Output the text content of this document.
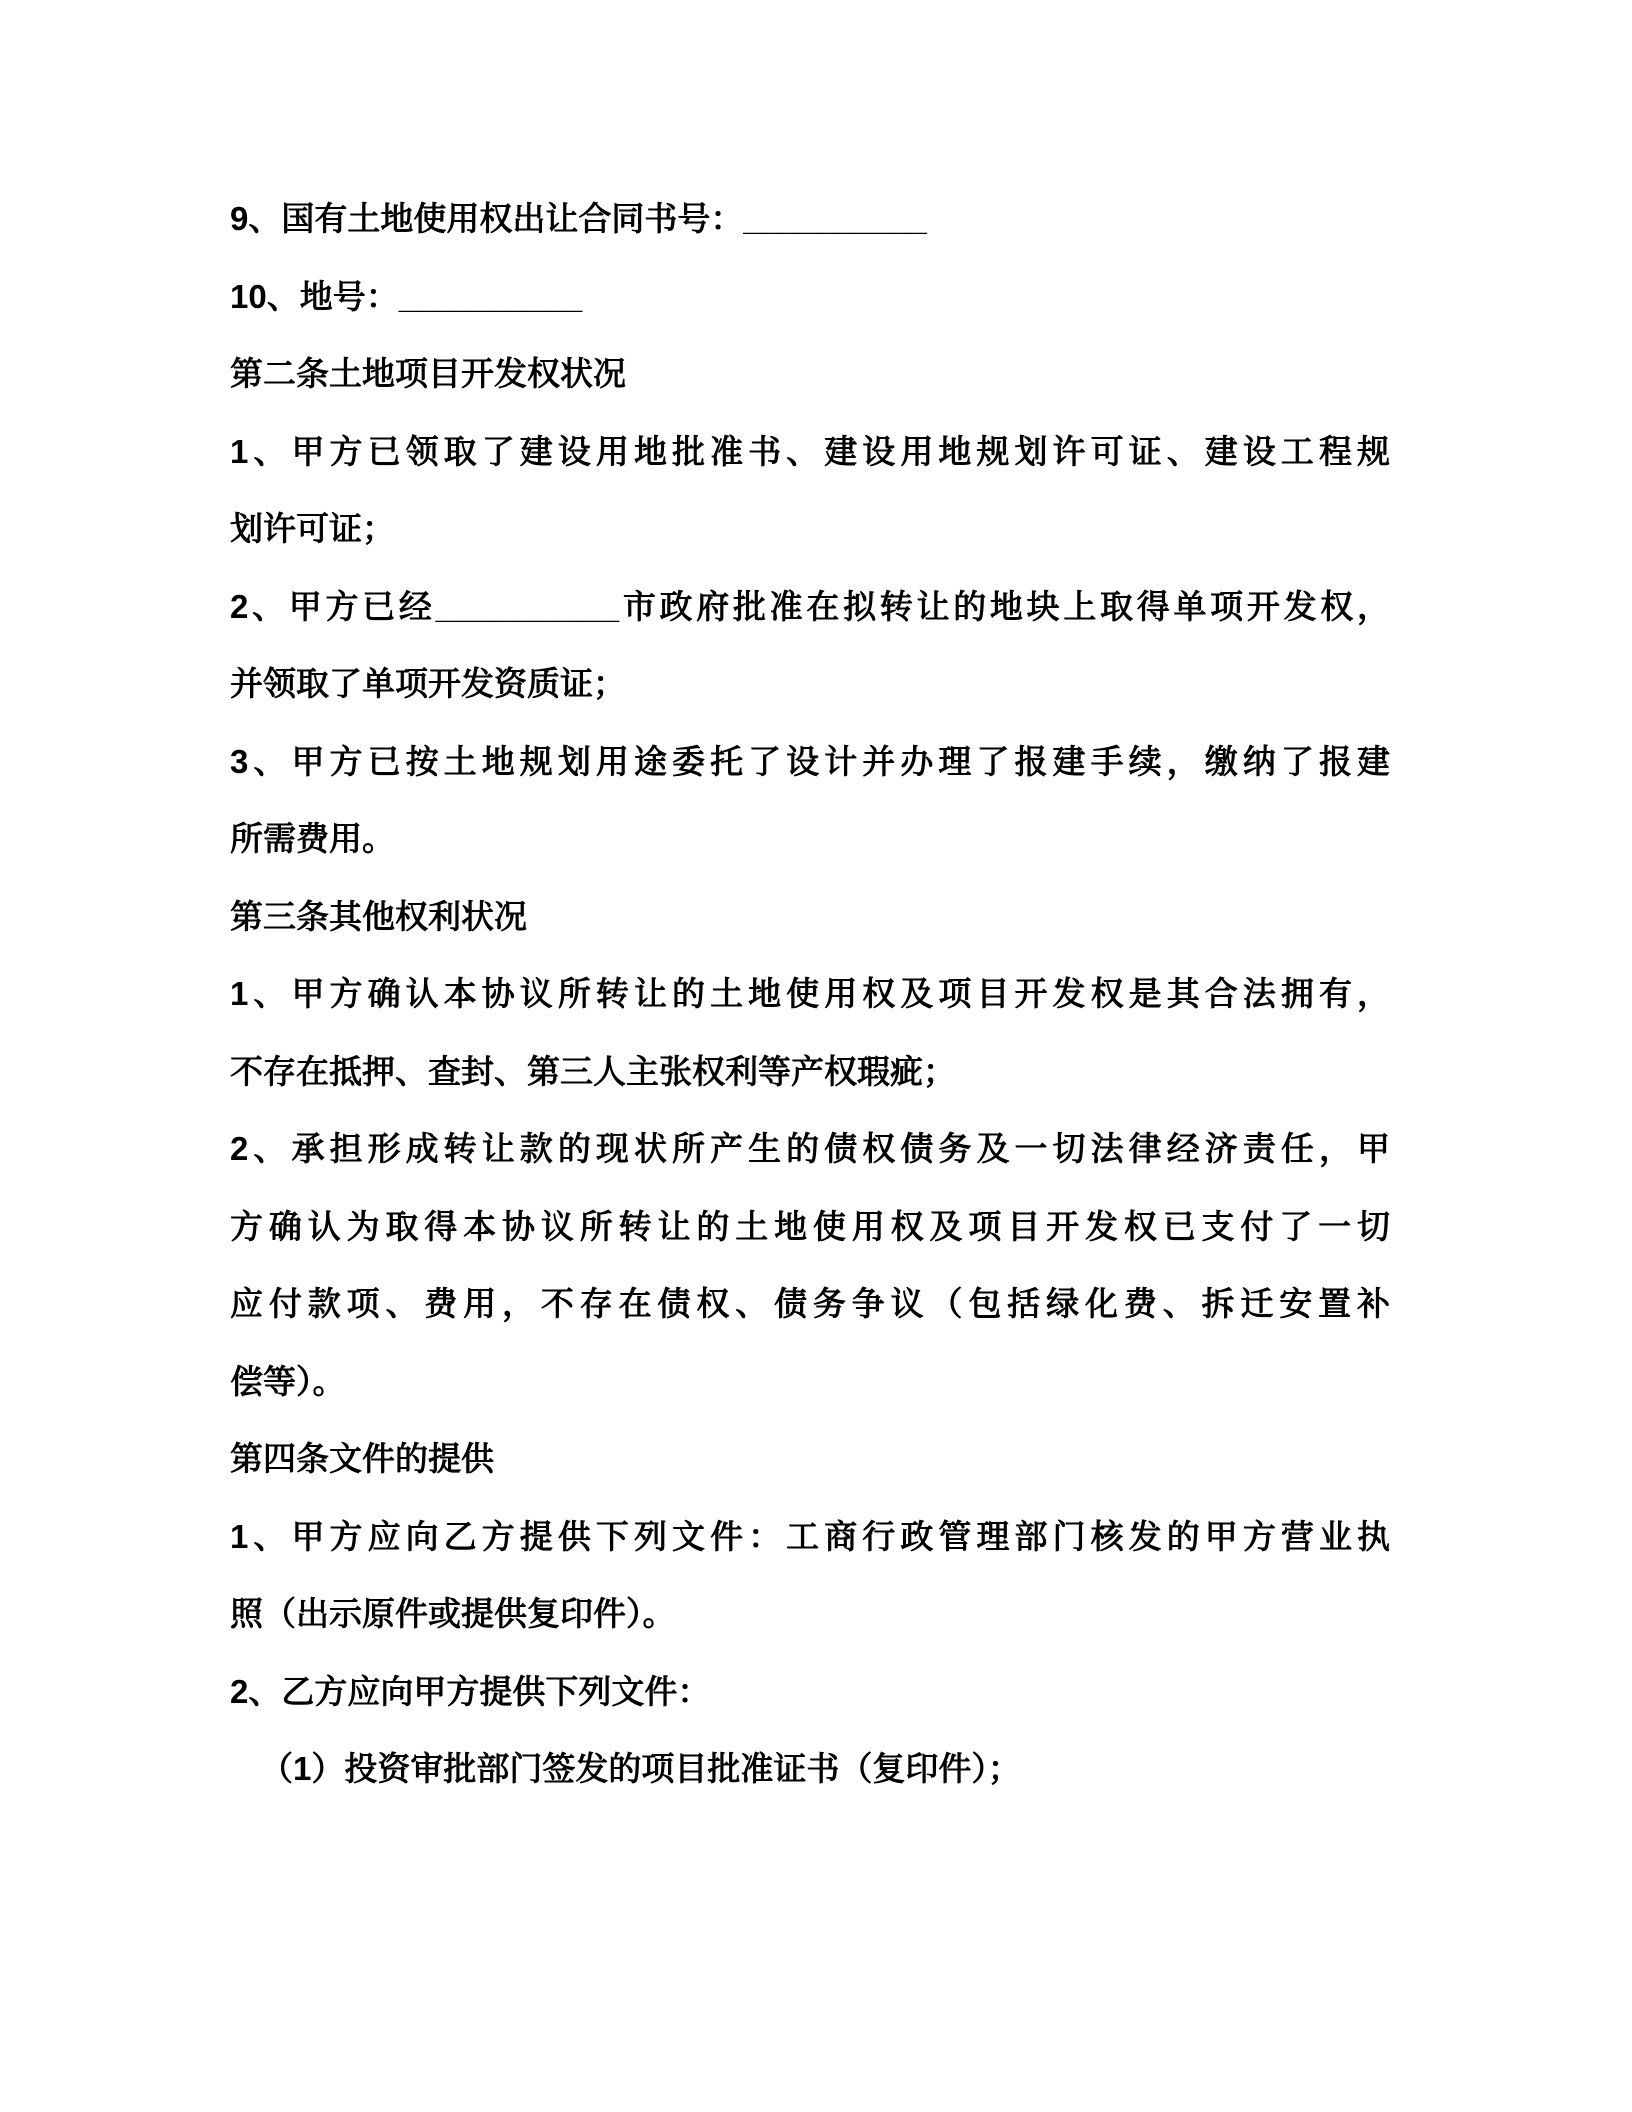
9、国有土地使用权出让合同书号：__________
10、地号：__________
第二条土地项目开发权状况
1、甲方已领取了建设用地批准书、建设用地规划许可证、建设工程规
划许可证；
2、甲方已经__________市政府批准在拟转让的地块上取得单项开发权，
并领取了单项开发资质证；
3、甲方已按土地规划用途委托了设计并办理了报建手续，缴纳了报建
所需费用。
第三条其他权利状况
1、甲方确认本协议所转让的土地使用权及项目开发权是其合法拥有，
不存在抵押、查封、第三人主张权利等产权瑕疵；
2、承担形成转让款的现状所产生的债权债务及一切法律经济责任，甲
方确认为取得本协议所转让的土地使用权及项目开发权已支付了一切
应付款项、费用，不存在债权、债务争议（包括绿化费、拆迁安置补
偿等）。
第四条文件的提供
1、甲方应向乙方提供下列文件：工商行政管理部门核发的甲方营业执
照（出示原件或提供复印件）。
2、乙方应向甲方提供下列文件：
（1）投资审批部门签发的项目批准证书（复印件）；
